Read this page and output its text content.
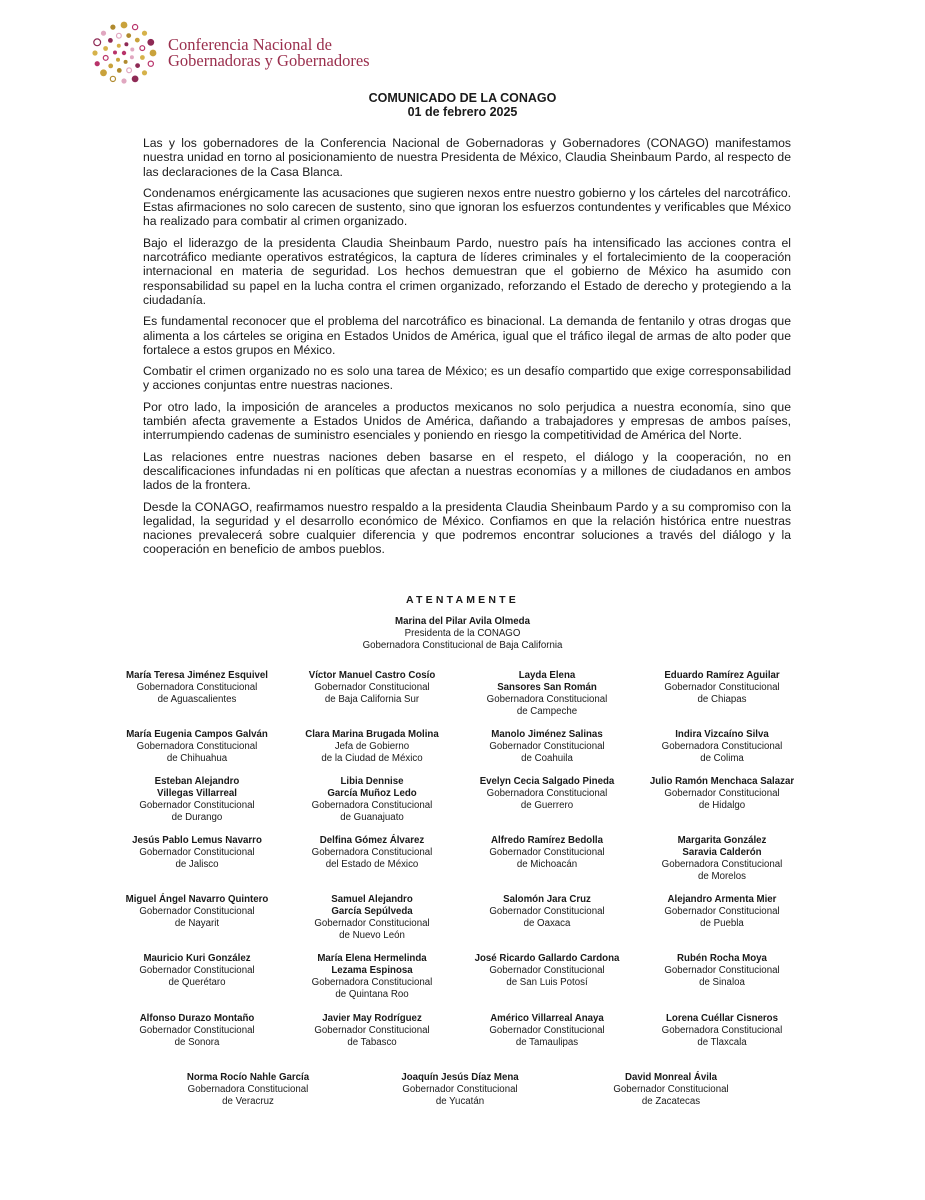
Conferencia Nacional de
Gobernadoras y Gobernadores
COMUNICADO DE LA CONAGO
01 de febrero 2025

Las y los gobernadores de la Conferencia Nacional de Gobernadoras y Gobernadores (CONAGO) manifestamos nuestra unidad en torno al posicionamiento de nuestra Presidenta de México, Claudia Sheinbaum Pardo, al respecto de las declaraciones de la Casa Blanca.

Condenamos enérgicamente las acusaciones que sugieren nexos entre nuestro gobierno y los cárteles del narcotráfico. Estas afirmaciones no solo carecen de sustento, sino que ignoran los esfuerzos contundentes y verificables que México ha realizado para combatir al crimen organizado.

Bajo el liderazgo de la presidenta Claudia Sheinbaum Pardo, nuestro país ha intensificado las acciones contra el narcotráfico mediante operativos estratégicos, la captura de líderes criminales y el fortalecimiento de la cooperación internacional en materia de seguridad. Los hechos demuestran que el gobierno de México ha asumido con responsabilidad su papel en la lucha contra el crimen organizado, reforzando el Estado de derecho y protegiendo a la ciudadanía.

Es fundamental reconocer que el problema del narcotráfico es binacional. La demanda de fentanilo y otras drogas que alimenta a los cárteles se origina en Estados Unidos de América, igual que el tráfico ilegal de armas de alto poder que fortalece a estos grupos en México.

Combatir el crimen organizado no es solo una tarea de México; es un desafío compartido que exige corresponsabilidad y acciones conjuntas entre nuestras naciones.

Por otro lado, la imposición de aranceles a productos mexicanos no solo perjudica a nuestra economía, sino que también afecta gravemente a Estados Unidos de América, dañando a trabajadores y empresas de ambos países, interrumpiendo cadenas de suministro esenciales y poniendo en riesgo la competitividad de América del Norte.

Las relaciones entre nuestras naciones deben basarse en el respeto, el diálogo y la cooperación, no en descalificaciones infundadas ni en políticas que afectan a nuestras economías y a millones de ciudadanos en ambos lados de la frontera.

Desde la CONAGO, reafirmamos nuestro respaldo a la presidenta Claudia Sheinbaum Pardo y a su compromiso con la legalidad, la seguridad y el desarrollo económico de México. Confiamos en que la relación histórica entre nuestras naciones prevalecerá sobre cualquier diferencia y que podremos encontrar soluciones a través del diálogo y la cooperación en beneficio de ambos pueblos.

ATENTAMENTE
Marina del Pilar Avila Olmeda
Presidenta de la CONAGO
Gobernadora Constitucional de Baja California
María Teresa Jiménez Esquivel
Gobernadora Constitucional
de Aguascalientes
Víctor Manuel Castro Cosío
Gobernador Constitucional
de Baja California Sur
Layda Elena
Sansores San Román
Gobernadora Constitucional
de Campeche
Eduardo Ramírez Aguilar
Gobernador Constitucional
de Chiapas
María Eugenia Campos Galván
Gobernadora Constitucional
de Chihuahua
Clara Marina Brugada Molina
Jefa de Gobierno
de la Ciudad de México
Manolo Jiménez Salinas
Gobernador Constitucional
de Coahuila
Indira Vizcaíno Silva
Gobernadora Constitucional
de Colima
Esteban Alejandro
Villegas Villarreal
Gobernador Constitucional
de Durango
Libia Dennise
García Muñoz Ledo
Gobernadora Constitucional
de Guanajuato
Evelyn Cecia Salgado Pineda
Gobernadora Constitucional
de Guerrero
Julio Ramón Menchaca Salazar
Gobernador Constitucional
de Hidalgo
Jesús Pablo Lemus Navarro
Gobernador Constitucional
de Jalisco
Delfina Gómez Álvarez
Gobernadora Constitucional
del Estado de México
Alfredo Ramírez Bedolla
Gobernador Constitucional
de Michoacán
Margarita González
Saravia Calderón
Gobernadora Constitucional
de Morelos
Miguel Ángel Navarro Quintero
Gobernador Constitucional
de Nayarit
Samuel Alejandro
García Sepúlveda
Gobernador Constitucional
de Nuevo León
Salomón Jara Cruz
Gobernador Constitucional
de Oaxaca
Alejandro Armenta Mier
Gobernador Constitucional
de Puebla
Mauricio Kuri González
Gobernador Constitucional
de Querétaro
María Elena Hermelinda
Lezama Espinosa
Gobernadora Constitucional
de Quintana Roo
José Ricardo Gallardo Cardona
Gobernador Constitucional
de San Luis Potosí
Rubén Rocha Moya
Gobernador Constitucional
de Sinaloa
Alfonso Durazo Montaño
Gobernador Constitucional
de Sonora
Javier May Rodríguez
Gobernador Constitucional
de Tabasco
Américo Villarreal Anaya
Gobernador Constitucional
de Tamaulipas
Lorena Cuéllar Cisneros
Gobernadora Constitucional
de Tlaxcala
Norma Rocío Nahle García
Gobernadora Constitucional
de Veracruz
Joaquín Jesús Díaz Mena
Gobernador Constitucional
de Yucatán
David Monreal Ávila
Gobernador Constitucional
de Zacatecas
